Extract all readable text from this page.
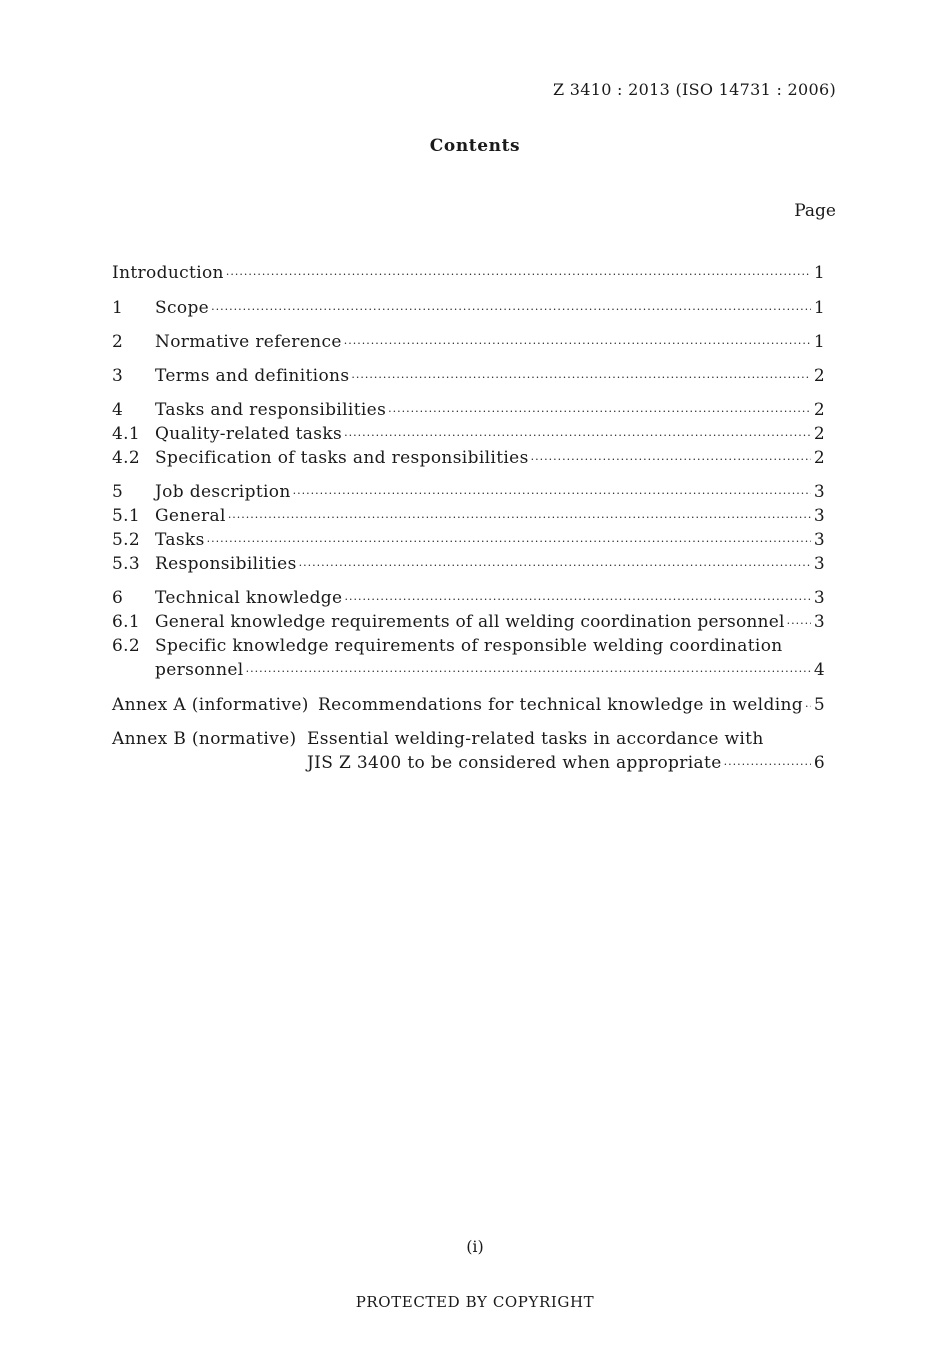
Z 3410 : 2013 (ISO 14731 : 2006)
Contents
Page
Introduction ·····	1
1	Scope ·····	1
2	Normative reference ·····	1
3	Terms and definitions ·····	2
4	Tasks and responsibilities ·····	2
4.1 Quality-related tasks ·····	2
4.2 Specification of tasks and responsibilities ·····	2
5	Job description ·····	3
5.1 General ·····	3
5.2 Tasks ·····	3
5.3 Responsibilities ·····	3
6	Technical knowledge ·····	3
6.1 General knowledge requirements of all welding coordination personnel ····· 3
6.2 Specific knowledge requirements of responsible welding coordination
personnel ·····	4
Annex A (informative) Recommendations for technical knowledge in welding ····· 5
Annex B (normative) Essential welding-related tasks in accordance with
JIS Z 3400 to be considered when appropriate ·····	6
(i)
PROTECTED BY COPYRIGHT
